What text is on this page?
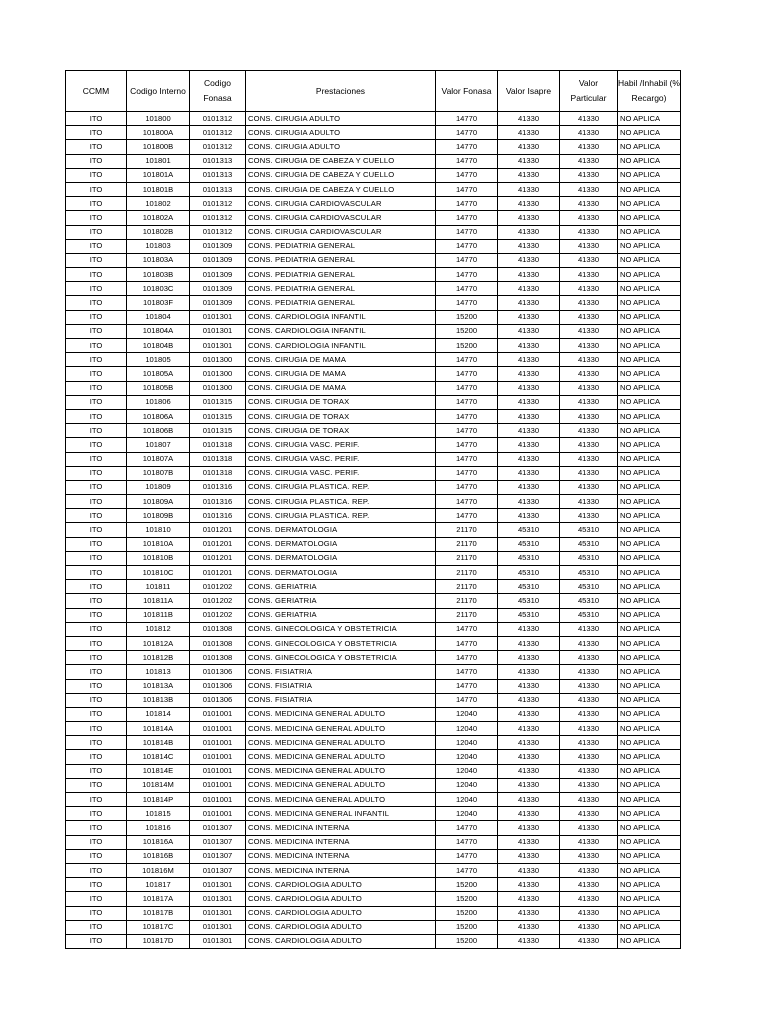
CCMM	Codigo Interno	Codigo Fonasa	Prestaciones	Valor Fonasa	Valor Isapre	Valor Particular	Habil /Inhabil (% Recargo)
ITO	101800	0101312	CONS. CIRUGIA ADULTO	14770	41330	41330	NO APLICA
ITO	101800A	0101312	CONS. CIRUGIA ADULTO	14770	41330	41330	NO APLICA
ITO	101800B	0101312	CONS. CIRUGIA ADULTO	14770	41330	41330	NO APLICA
ITO	101801	0101313	CONS. CIRUGIA DE CABEZA Y CUELLO	14770	41330	41330	NO APLICA
ITO	101801A	0101313	CONS. CIRUGIA DE CABEZA Y CUELLO	14770	41330	41330	NO APLICA
ITO	101801B	0101313	CONS. CIRUGIA DE CABEZA Y CUELLO	14770	41330	41330	NO APLICA
ITO	101802	0101312	CONS. CIRUGIA CARDIOVASCULAR	14770	41330	41330	NO APLICA
ITO	101802A	0101312	CONS. CIRUGIA CARDIOVASCULAR	14770	41330	41330	NO APLICA
ITO	101802B	0101312	CONS. CIRUGIA CARDIOVASCULAR	14770	41330	41330	NO APLICA
ITO	101803	0101309	CONS. PEDIATRIA GENERAL	14770	41330	41330	NO APLICA
ITO	101803A	0101309	CONS. PEDIATRIA GENERAL	14770	41330	41330	NO APLICA
ITO	101803B	0101309	CONS. PEDIATRIA GENERAL	14770	41330	41330	NO APLICA
ITO	101803C	0101309	CONS. PEDIATRIA GENERAL	14770	41330	41330	NO APLICA
ITO	101803F	0101309	CONS. PEDIATRIA GENERAL	14770	41330	41330	NO APLICA
ITO	101804	0101301	CONS. CARDIOLOGIA INFANTIL	15200	41330	41330	NO APLICA
ITO	101804A	0101301	CONS. CARDIOLOGIA INFANTIL	15200	41330	41330	NO APLICA
ITO	101804B	0101301	CONS. CARDIOLOGIA INFANTIL	15200	41330	41330	NO APLICA
ITO	101805	0101300	CONS. CIRUGIA DE MAMA	14770	41330	41330	NO APLICA
ITO	101805A	0101300	CONS. CIRUGIA DE MAMA	14770	41330	41330	NO APLICA
ITO	101805B	0101300	CONS. CIRUGIA DE MAMA	14770	41330	41330	NO APLICA
ITO	101806	0101315	CONS. CIRUGIA DE TORAX	14770	41330	41330	NO APLICA
ITO	101806A	0101315	CONS. CIRUGIA DE TORAX	14770	41330	41330	NO APLICA
ITO	101806B	0101315	CONS. CIRUGIA DE TORAX	14770	41330	41330	NO APLICA
ITO	101807	0101318	CONS. CIRUGIA VASC. PERIF.	14770	41330	41330	NO APLICA
ITO	101807A	0101318	CONS. CIRUGIA VASC. PERIF.	14770	41330	41330	NO APLICA
ITO	101807B	0101318	CONS. CIRUGIA VASC. PERIF.	14770	41330	41330	NO APLICA
ITO	101809	0101316	CONS. CIRUGIA PLASTICA. REP.	14770	41330	41330	NO APLICA
ITO	101809A	0101316	CONS. CIRUGIA PLASTICA. REP.	14770	41330	41330	NO APLICA
ITO	101809B	0101316	CONS. CIRUGIA PLASTICA. REP.	14770	41330	41330	NO APLICA
ITO	101810	0101201	CONS. DERMATOLOGIA	21170	45310	45310	NO APLICA
ITO	101810A	0101201	CONS. DERMATOLOGIA	21170	45310	45310	NO APLICA
ITO	101810B	0101201	CONS. DERMATOLOGIA	21170	45310	45310	NO APLICA
ITO	101810C	0101201	CONS. DERMATOLOGIA	21170	45310	45310	NO APLICA
ITO	101811	0101202	CONS. GERIATRIA	21170	45310	45310	NO APLICA
ITO	101811A	0101202	CONS. GERIATRIA	21170	45310	45310	NO APLICA
ITO	101811B	0101202	CONS. GERIATRIA	21170	45310	45310	NO APLICA
ITO	101812	0101308	CONS. GINECOLOGICA Y OBSTETRICIA	14770	41330	41330	NO APLICA
ITO	101812A	0101308	CONS. GINECOLOGICA Y OBSTETRICIA	14770	41330	41330	NO APLICA
ITO	101812B	0101308	CONS. GINECOLOGICA Y OBSTETRICIA	14770	41330	41330	NO APLICA
ITO	101813	0101306	CONS. FISIATRIA	14770	41330	41330	NO APLICA
ITO	101813A	0101306	CONS. FISIATRIA	14770	41330	41330	NO APLICA
ITO	101813B	0101306	CONS. FISIATRIA	14770	41330	41330	NO APLICA
ITO	101814	0101001	CONS. MEDICINA GENERAL ADULTO	12040	41330	41330	NO APLICA
ITO	101814A	0101001	CONS. MEDICINA GENERAL ADULTO	12040	41330	41330	NO APLICA
ITO	101814B	0101001	CONS. MEDICINA GENERAL ADULTO	12040	41330	41330	NO APLICA
ITO	101814C	0101001	CONS. MEDICINA GENERAL ADULTO	12040	41330	41330	NO APLICA
ITO	101814E	0101001	CONS. MEDICINA GENERAL ADULTO	12040	41330	41330	NO APLICA
ITO	101814M	0101001	CONS. MEDICINA GENERAL ADULTO	12040	41330	41330	NO APLICA
ITO	101814P	0101001	CONS. MEDICINA GENERAL ADULTO	12040	41330	41330	NO APLICA
ITO	101815	0101001	CONS. MEDICINA GENERAL INFANTIL	12040	41330	41330	NO APLICA
ITO	101816	0101307	CONS. MEDICINA INTERNA	14770	41330	41330	NO APLICA
ITO	101816A	0101307	CONS. MEDICINA INTERNA	14770	41330	41330	NO APLICA
ITO	101816B	0101307	CONS. MEDICINA INTERNA	14770	41330	41330	NO APLICA
ITO	101816M	0101307	CONS. MEDICINA INTERNA	14770	41330	41330	NO APLICA
ITO	101817	0101301	CONS. CARDIOLOGIA ADULTO	15200	41330	41330	NO APLICA
ITO	101817A	0101301	CONS. CARDIOLOGIA ADULTO	15200	41330	41330	NO APLICA
ITO	101817B	0101301	CONS. CARDIOLOGIA ADULTO	15200	41330	41330	NO APLICA
ITO	101817C	0101301	CONS. CARDIOLOGIA ADULTO	15200	41330	41330	NO APLICA
ITO	101817D	0101301	CONS. CARDIOLOGIA ADULTO	15200	41330	41330	NO APLICA
